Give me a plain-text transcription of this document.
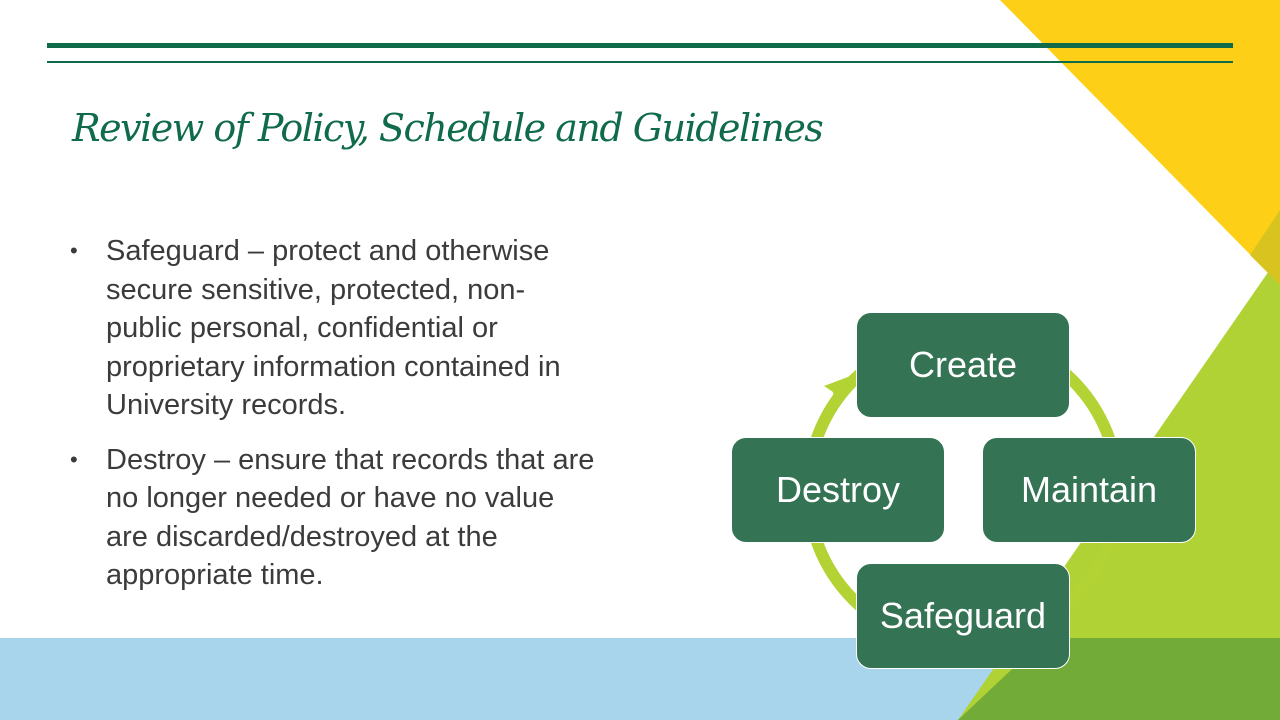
Review of Policy, Schedule and Guidelines
• Safeguard – protect and otherwise secure sensitive, protected, non-public personal, confidential or proprietary information contained in University records.
• Destroy – ensure that records that are no longer needed or have no value are discarded/destroyed at the appropriate time.
Create
Maintain
Safeguard
Destroy
